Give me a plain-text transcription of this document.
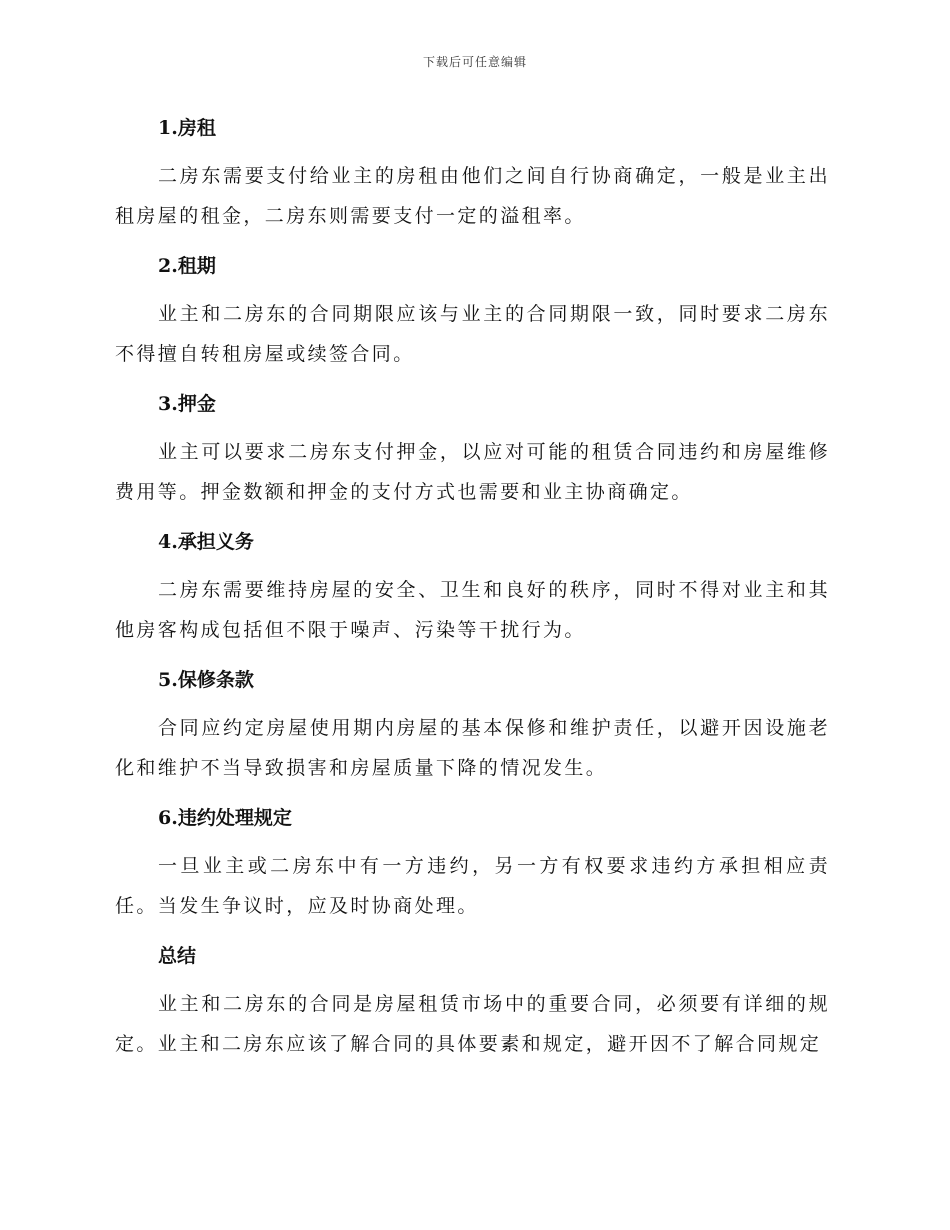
下载后可任意编辑
1.房租

二房东需要支付给业主的房租由他们之间自行协商确定，一般是业主出租房屋的租金，二房东则需要支付一定的溢租率。

2.租期

业主和二房东的合同期限应该与业主的合同期限一致，同时要求二房东不得擅自转租房屋或续签合同。

3.押金

业主可以要求二房东支付押金，以应对可能的租赁合同违约和房屋维修费用等。押金数额和押金的支付方式也需要和业主协商确定。

4.承担义务

二房东需要维持房屋的安全、卫生和良好的秩序，同时不得对业主和其他房客构成包括但不限于噪声、污染等干扰行为。

5.保修条款

合同应约定房屋使用期内房屋的基本保修和维护责任，以避开因设施老化和维护不当导致损害和房屋质量下降的情况发生。

6.违约处理规定

一旦业主或二房东中有一方违约，另一方有权要求违约方承担相应责任。当发生争议时，应及时协商处理。

总结

业主和二房东的合同是房屋租赁市场中的重要合同，必须要有详细的规定。业主和二房东应该了解合同的具体要素和规定，避开因不了解合同规定
